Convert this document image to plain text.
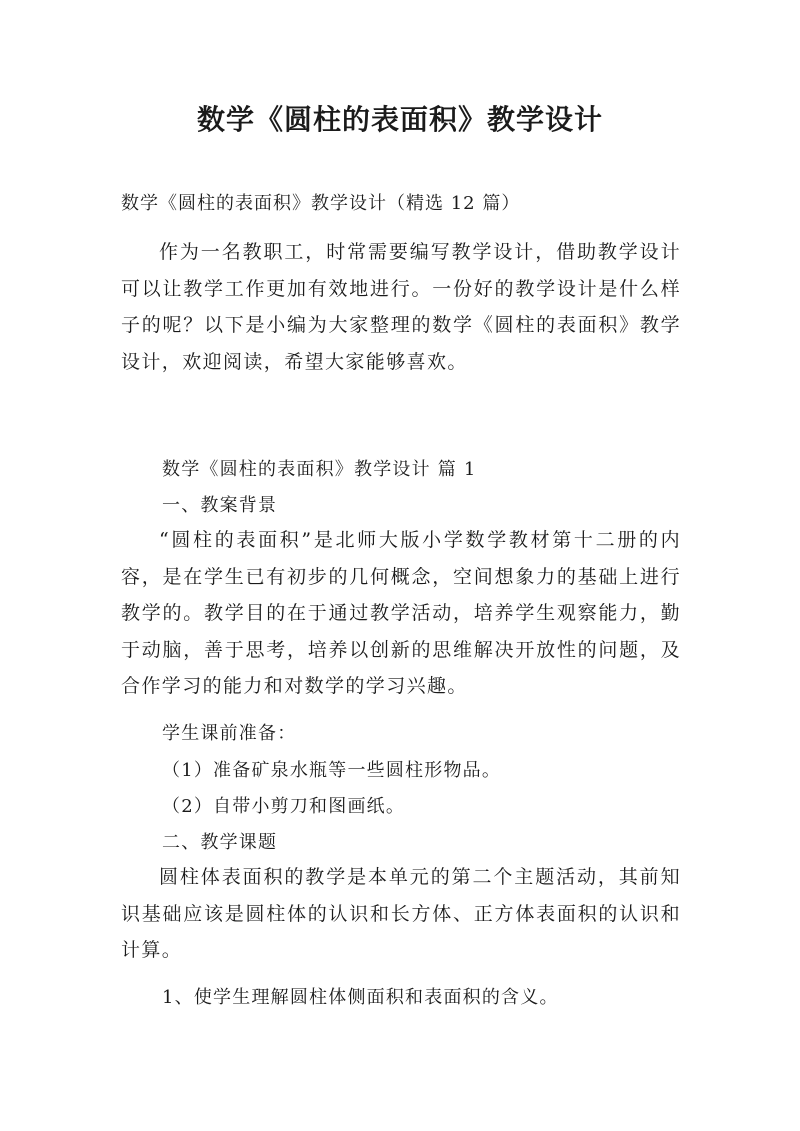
数学《圆柱的表面积》教学设计

数学《圆柱的表面积》教学设计（精选 12 篇）

作为一名教职工，时常需要编写教学设计，借助教学设计可以让教学工作更加有效地进行。一份好的教学设计是什么样子的呢？以下是小编为大家整理的数学《圆柱的表面积》教学设计，欢迎阅读，希望大家能够喜欢。

数学《圆柱的表面积》教学设计 篇 1

一、教案背景

“圆柱的表面积”是北师大版小学数学教材第十二册的内容，是在学生已有初步的几何概念，空间想象力的基础上进行教学的。教学目的在于通过教学活动，培养学生观察能力，勤于动脑，善于思考，培养以创新的思维解决开放性的问题，及合作学习的能力和对数学的学习兴趣。

学生课前准备：

（1）准备矿泉水瓶等一些圆柱形物品。

（2）自带小剪刀和图画纸。

二、教学课题

圆柱体表面积的教学是本单元的第二个主题活动，其前知识基础应该是圆柱体的认识和长方体、正方体表面积的认识和计算。

1、使学生理解圆柱体侧面积和表面积的含义。
